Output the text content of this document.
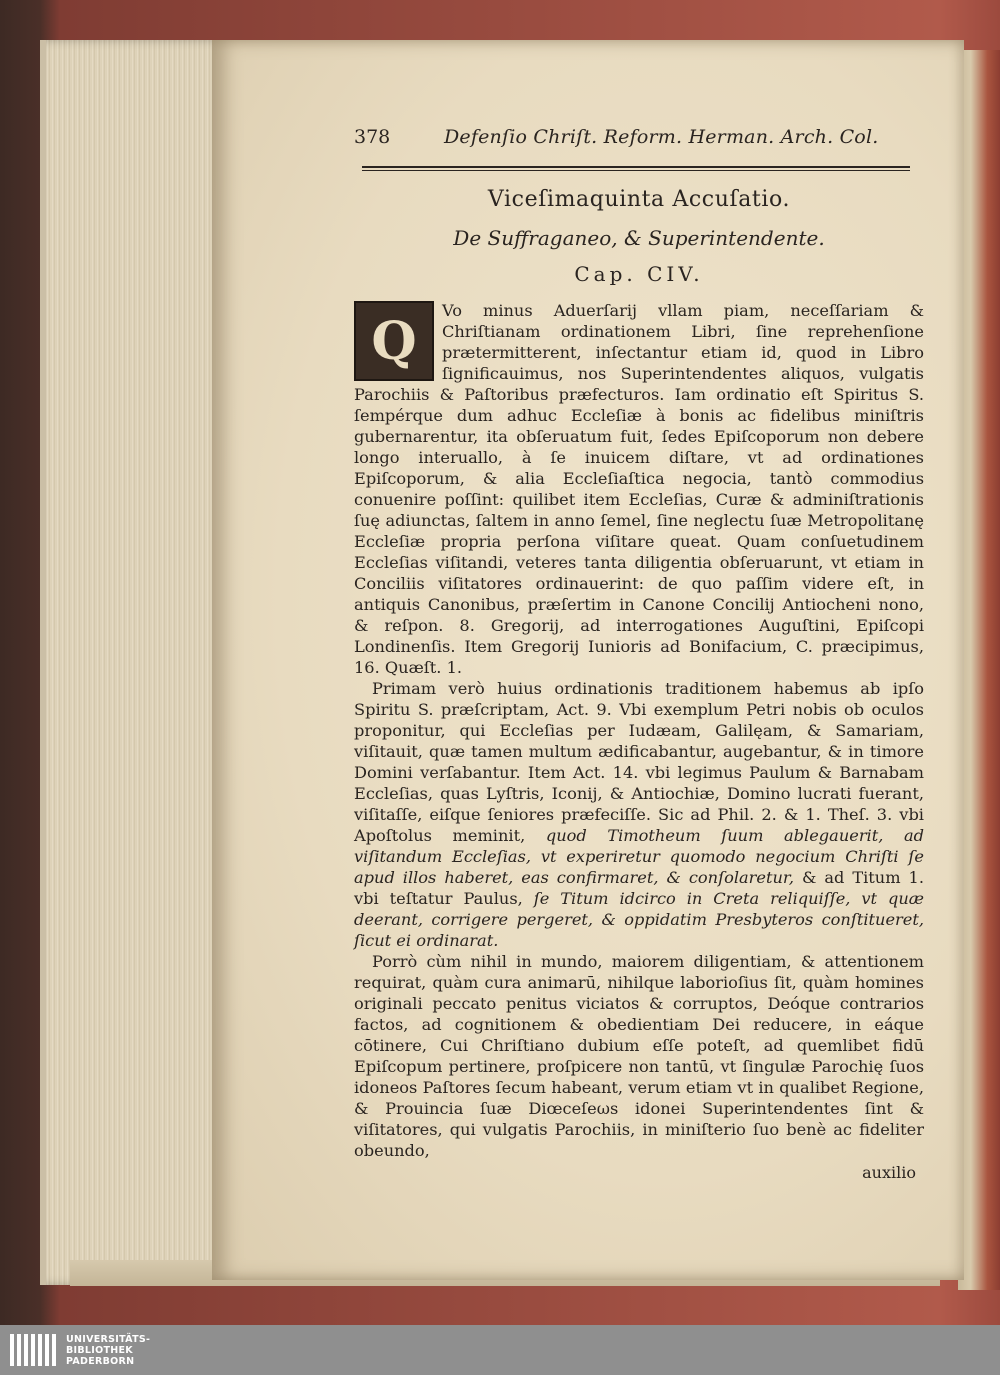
378	Defenſio Chriſt. Reform. Herman. Arch. Col.
Viceſimaquinta Accuſatio.
De Suffraganeo, & Superintendente.
Cap. CIV.

Q Vo minus Aduerſarij vllam piam, neceſſariam & Chriſtianam ordinationem Libri, ſine reprehenſione prætermitterent, inſectantur etiam id, quod in Libro ſignificauimus, nos Superintendentes aliquos, vulgatis Parochiis & Paſtoribus præfecturos. Iam ordinatio eſt Spiritus S. ſempérque dum adhuc Eccleſiæ à bonis ac fidelibus miniſtris gubernarentur, ita obſeruatum fuit, ſedes Epiſcoporum non debere longo interuallo, à ſe inuicem diſtare, vt ad ordinationes Epiſcoporum, & alia Eccleſiaſtica negocia, tantò commodius conuenire poſſint: quilibet item Eccleſias, Curæ & adminiſtrationis ſuę adiunctas, ſaltem in anno ſemel, ſine neglectu ſuæ Metropolitanę Eccleſiæ propria perſona viſitare queat. Quam conſuetudinem Eccleſias viſitandi, veteres tanta diligentia obſeruarunt, vt etiam in Conciliis viſitatores ordinauerint: de quo paſſim videre eſt, in antiquis Canonibus, præſertim in Canone Concilij Antiocheni nono, & reſpon. 8. Gregorij, ad interrogationes Auguſtini, Epiſcopi Londinenſis. Item Gregorij Iunioris ad Bonifacium, C. præcipimus, 16. Quæſt. 1.

Primam verò huius ordinationis traditionem habemus ab ipſo Spiritu S. præſcriptam, Act. 9. Vbi exemplum Petri nobis ob oculos proponitur, qui Eccleſias per Iudæam, Galilęam, & Samariam, viſitauit, quæ tamen multum ædificabantur, augebantur, & in timore Domini verſabantur. Item Act. 14. vbi legimus Paulum & Barnabam Eccleſias, quas Lyſtris, Iconij, & Antiochiæ, Domino lucrati fuerant, viſitaſſe, eiſque ſeniores præfeciſſe. Sic ad Phil. 2. & 1. Theſ. 3. vbi Apoſtolus meminit, quod Timotheum ſuum ablegauerit, ad viſitandum Eccleſias, vt experiretur quomodo negocium Chriſti ſe apud illos haberet, eas confirmaret, & conſolaretur, & ad Titum 1. vbi teſtatur Paulus, ſe Titum idcirco in Creta reliquiſſe, vt quæ deerant, corrigere pergeret, & oppidatim Presbyteros conſtitueret, ſicut ei ordinarat.

Porrò cùm nihil in mundo, maiorem diligentiam, & attentionem requirat, quàm cura animarū, nihilque laborioſius ſit, quàm homines originali peccato penitus viciatos & corruptos, Deóque contrarios factos, ad cognitionem & obedientiam Dei reducere, in eáque cōtinere, Cui Chriſtiano dubium eſſe poteſt, ad quemlibet fidū Epiſcopum pertinere, proſpicere non tantū, vt ſingulæ Parochię ſuos idoneos Paſtores ſecum habeant, verum etiam vt in qualibet Regione, & Prouincia ſuæ Diœceſeωs idonei Superintendentes ſint & viſitatores, qui vulgatis Parochiis, in miniſterio ſuo benè ac fideliter obeundo,

auxilio
UNIVERSITÄTS-
BIBLIOTHEK
PADERBORN
